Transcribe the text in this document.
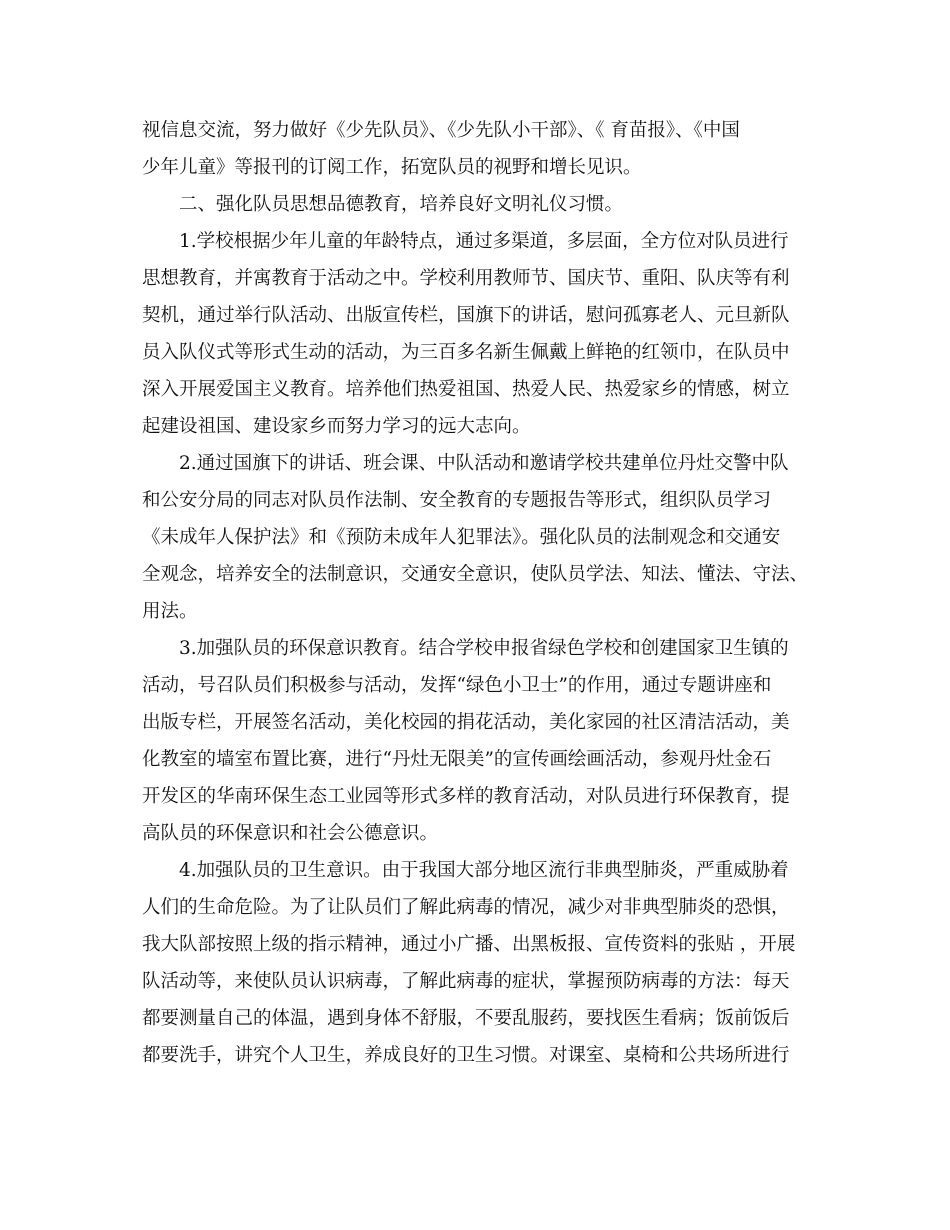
视信息交流，努力做好《少先队员》、《少先队小干部》、《 育苗报》、《中国
少年儿童》等报刊的订阅工作，拓宽队员的视野和增长见识。
　　二、强化队员思想品德教育，培养良好文明礼仪习惯。
　　1.学校根据少年儿童的年龄特点，通过多渠道，多层面，全方位对队员进行
思想教育，并寓教育于活动之中。学校利用教师节、国庆节、重阳、队庆等有利
契机，通过举行队活动、出版宣传栏，国旗下的讲话，慰问孤寡老人、元旦新队
员入队仪式等形式生动的活动，为三百多名新生佩戴上鲜艳的红领巾，在队员中
深入开展爱国主义教育。培养他们热爱祖国、热爱人民、热爱家乡的情感，树立
起建设祖国、建设家乡而努力学习的远大志向。
　　2.通过国旗下的讲话、班会课、中队活动和邀请学校共建单位丹灶交警中队
和公安分局的同志对队员作法制、安全教育的专题报告等形式，组织队员学习
《未成年人保护法》和《预防未成年人犯罪法》。强化队员的法制观念和交通安
全观念，培养安全的法制意识，交通安全意识，使队员学法、知法、懂法、守法、
用法。
　　3.加强队员的环保意识教育。结合学校申报省绿色学校和创建国家卫生镇的
活动，号召队员们积极参与活动，发挥“绿色小卫士”的作用，通过专题讲座和
出版专栏，开展签名活动，美化校园的捐花活动，美化家园的社区清洁活动，美
化教室的墙室布置比赛，进行“丹灶无限美”的宣传画绘画活动，参观丹灶金石
开发区的华南环保生态工业园等形式多样的教育活动，对队员进行环保教育，提
高队员的环保意识和社会公德意识。
　　4.加强队员的卫生意识。由于我国大部分地区流行非典型肺炎，严重威胁着
人们的生命危险。为了让队员们了解此病毒的情况，减少对非典型肺炎的恐惧，
我大队部按照上级的指示精神，通过小广播、出黑板报、宣传资料的张贴 ，开展
队活动等，来使队员认识病毒，了解此病毒的症状，掌握预防病毒的方法：每天
都要测量自己的体温，遇到身体不舒服，不要乱服药，要找医生看病；饭前饭后
都要洗手，讲究个人卫生，养成良好的卫生习惯。对课室、桌椅和公共场所进行
